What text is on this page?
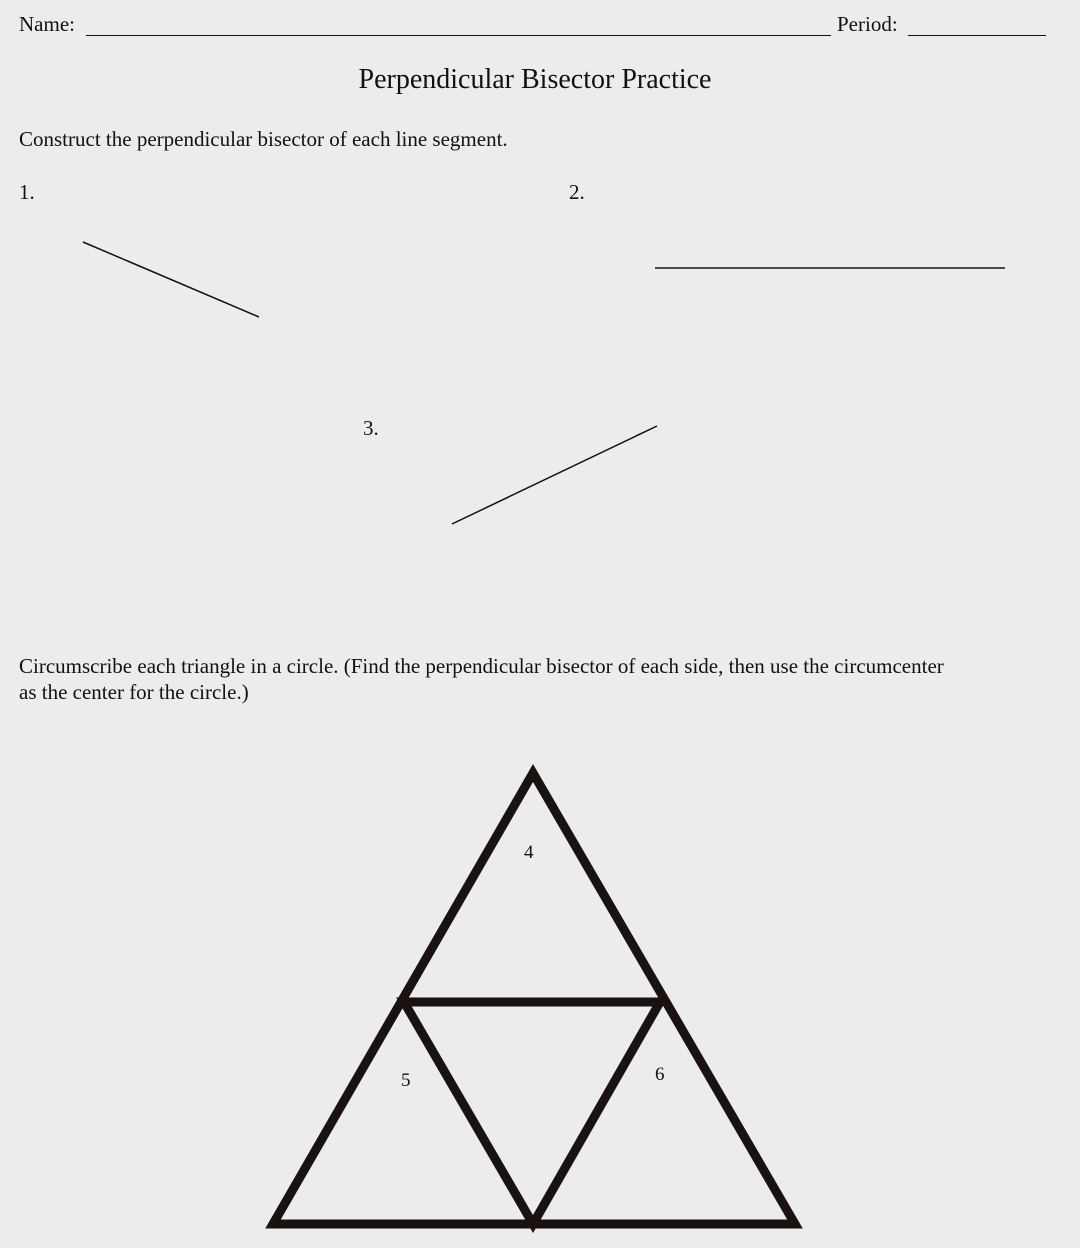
Name:	Period:
Perpendicular Bisector Practice
Construct the perpendicular bisector of each line segment.
1.	2.
3.
Circumscribe each triangle in a circle. (Find the perpendicular bisector of each side, then use the circumcenter
as the center for the circle.)
4
5	6
